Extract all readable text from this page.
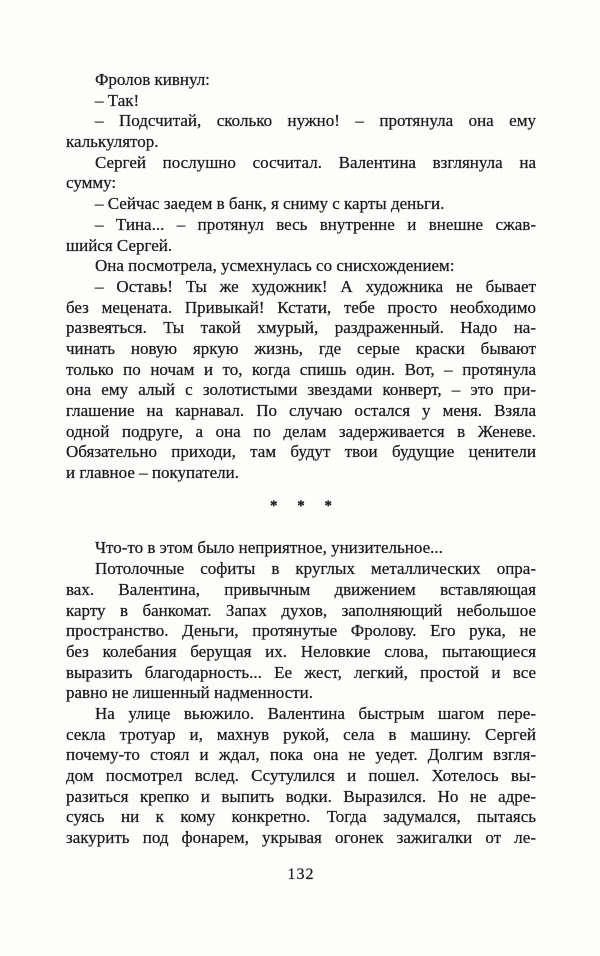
Фролов кивнул:
– Так!
– Подсчитай, сколько нужно! – протянула она ему
калькулятор.
Сергей послушно сосчитал. Валентина взглянула на
сумму:
– Сейчас заедем в банк, я сниму с карты деньги.
– Тина... – протянул весь внутренне и внешне сжав-
шийся Сергей.
Она посмотрела, усмехнулась со снисхождением:
– Оставь! Ты же художник! А художника не бывает
без мецената. Привыкай! Кстати, тебе просто необходимо
развеяться. Ты такой хмурый, раздраженный. Надо на-
чинать новую яркую жизнь, где серые краски бывают
только по ночам и то, когда спишь один. Вот, – протянула
она ему алый с золотистыми звездами конверт, – это при-
глашение на карнавал. По случаю остался у меня. Взяла
одной подруге, а она по делам задерживается в Женеве.
Обязательно приходи, там будут твои будущие ценители
и главное – покупатели.
* * *
Что-то в этом было неприятное, унизительное...
Потолочные софиты в круглых металлических опра-
вах. Валентина, привычным движением вставляющая
карту в банкомат. Запах духов, заполняющий небольшое
пространство. Деньги, протянутые Фролову. Его рука, не
без колебания берущая их. Неловкие слова, пытающиеся
выразить благодарность... Ее жест, легкий, простой и все
равно не лишенный надменности.
На улице вьюжило. Валентина быстрым шагом пере-
секла тротуар и, махнув рукой, села в машину. Сергей
почему-то стоял и ждал, пока она не уедет. Долгим взгля-
дом посмотрел вслед. Ссутулился и пошел. Хотелось вы-
разиться крепко и выпить водки. Выразился. Но не адре-
суясь ни к кому конкретно. Тогда задумался, пытаясь
закурить под фонарем, укрывая огонек зажигалки от ле-
132
